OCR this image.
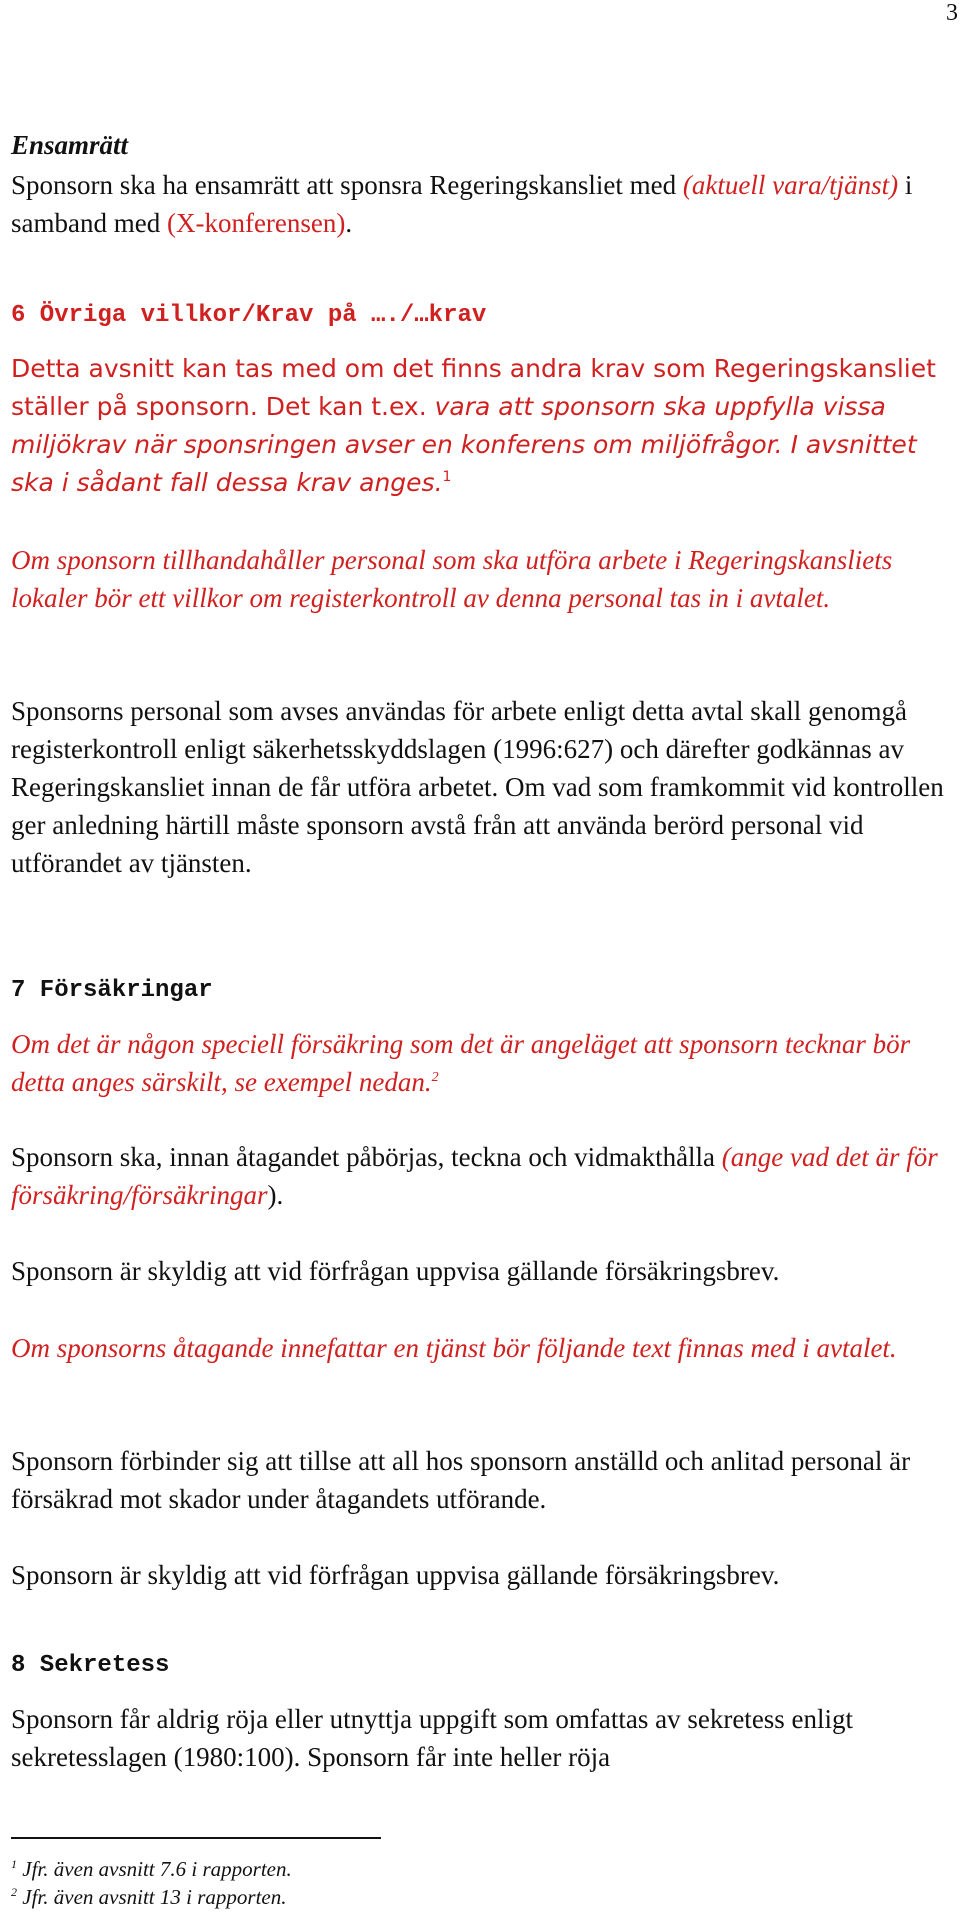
3
Ensamrätt
Sponsorn ska ha ensamrätt att sponsra Regeringskansliet med (aktuell vara/tjänst) i samband med (X-konferensen).
6 Övriga villkor/Krav på …./…krav
Detta avsnitt kan tas med om det finns andra krav som Regeringskansliet ställer på sponsorn. Det kan t.ex. vara att sponsorn ska uppfylla vissa miljökrav när sponsringen avser en konferens om miljöfrågor. I avsnittet ska i sådant fall dessa krav anges.$^1$
Om sponsorn tillhandahåller personal som ska utföra arbete i Regeringskansliets lokaler bör ett villkor om registerkontroll av denna personal tas in i avtalet.
Sponsorns personal som avses användas för arbete enligt detta avtal skall genomgå registerkontroll enligt säkerhetsskyddslagen (1996:627) och därefter godkännas av Regeringskansliet innan de får utföra arbetet. Om vad som framkommit vid kontrollen ger anledning härtill måste sponsorn avstå från att använda berörd personal vid utförandet av tjänsten.
7 Försäkringar
Om det är någon speciell försäkring som det är angeläget att sponsorn tecknar bör detta anges särskilt, se exempel nedan.$^2$
Sponsorn ska, innan åtagandet påbörjas, teckna och vidmakthålla (ange vad det är för försäkring/försäkringar).
Sponsorn är skyldig att vid förfrågan uppvisa gällande försäkringsbrev.
Om sponsorns åtagande innefattar en tjänst bör följande text finnas med i avtalet.
Sponsorn förbinder sig att tillse att all hos sponsorn anställd och anlitad personal är försäkrad mot skador under åtagandets utförande.
Sponsorn är skyldig att vid förfrågan uppvisa gällande försäkringsbrev.
8 Sekretess
Sponsorn får aldrig röja eller utnyttja uppgift som omfattas av sekretess enligt sekretesslagen (1980:100). Sponsorn får inte heller röja
$^1$ Jfr. även avsnitt 7.6 i rapporten.
$^2$ Jfr. även avsnitt 13 i rapporten.
